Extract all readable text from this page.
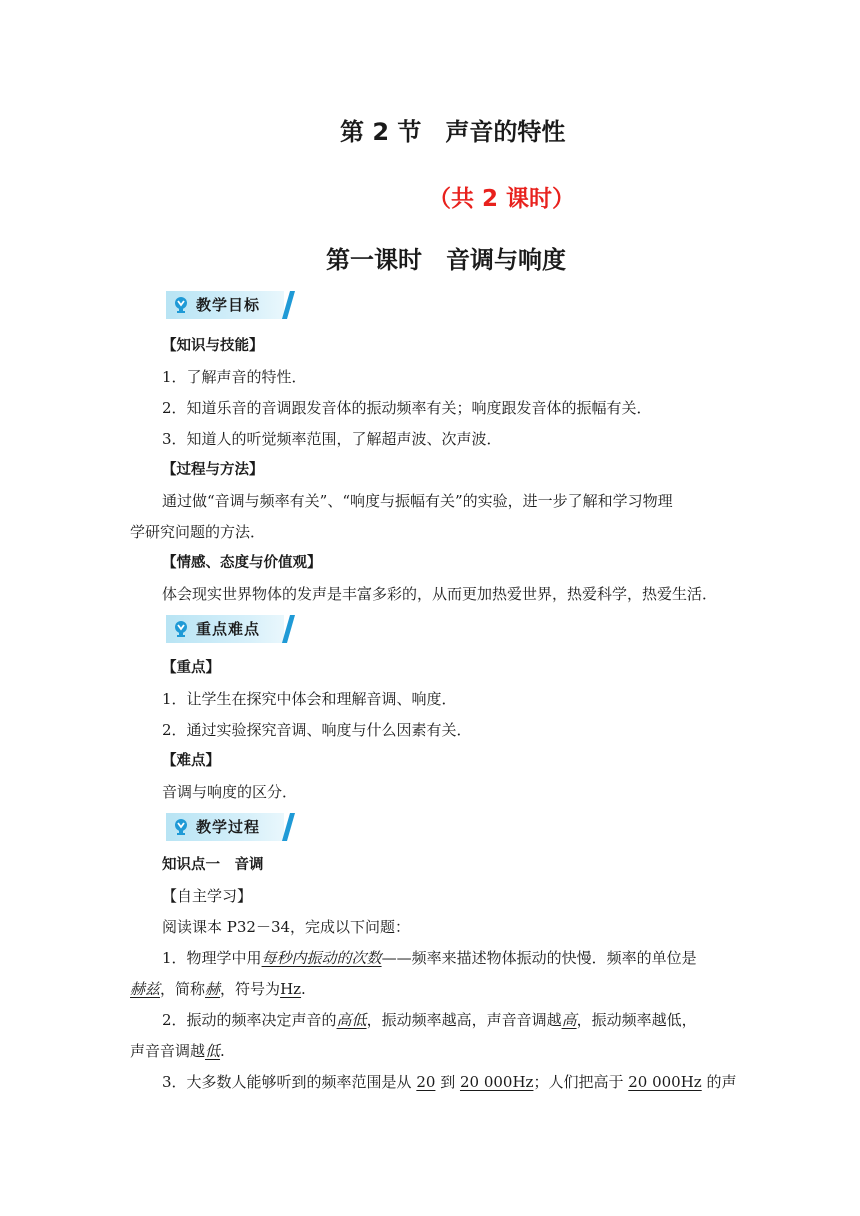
第 2 节　声音的特性
（共 2 课时）
第一课时　音调与响度
教学目标
【知识与技能】
1．了解声音的特性．
2．知道乐音的音调跟发音体的振动频率有关；响度跟发音体的振幅有关．
3．知道人的听觉频率范围，了解超声波、次声波．
【过程与方法】
通过做“音调与频率有关”、“响度与振幅有关”的实验，进一步了解和学习物理
学研究问题的方法．
【情感、态度与价值观】
体会现实世界物体的发声是丰富多彩的，从而更加热爱世界，热爱科学，热爱生活．
重点难点
【重点】
1．让学生在探究中体会和理解音调、响度．
2．通过实验探究音调、响度与什么因素有关．
【难点】
音调与响度的区分．
教学过程
知识点一　音调
【自主学习】
阅读课本 P32－34，完成以下问题：
1．物理学中用每秒内振动的次数——频率来描述物体振动的快慢．频率的单位是
赫兹，简称赫，符号为Hz.
2．振动的频率决定声音的高低，振动频率越高，声音音调越高，振动频率越低，
声音音调越低.
3．大多数人能够听到的频率范围是从 20 到 20 000Hz；人们把高于 20 000Hz 的声
